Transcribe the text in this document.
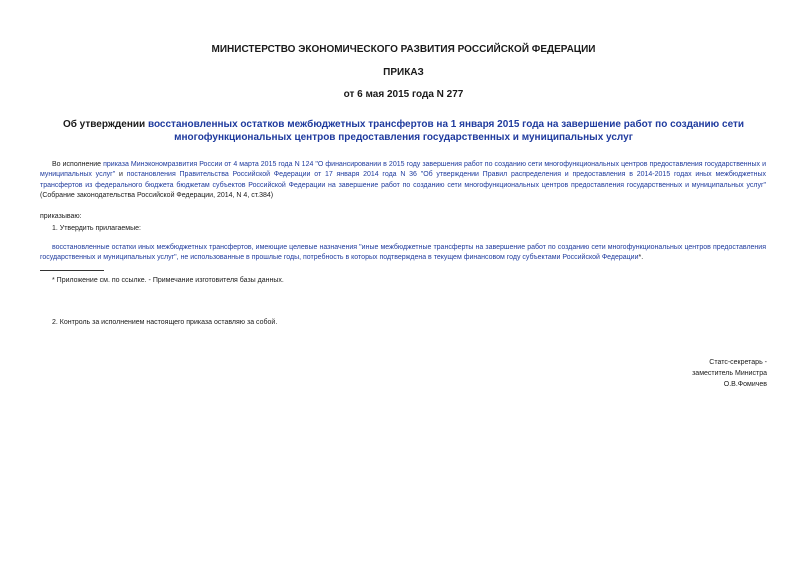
МИНИСТЕРСТВО ЭКОНОМИЧЕСКОГО РАЗВИТИЯ РОССИЙСКОЙ ФЕДЕРАЦИИ
ПРИКАЗ
от 6 мая 2015 года N 277
Об утверждении восстановленных остатков межбюджетных трансфертов на 1 января 2015 года на завершение работ по созданию сети многофункциональных центров предоставления государственных и муниципальных услуг
Во исполнение приказа Минэкономразвития России от 4 марта 2015 года N 124 "О финансировании в 2015 году завершения работ по созданию сети многофункциональных центров предоставления государственных и муниципальных услуг" и постановления Правительства Российской Федерации от 17 января 2014 года N 36 "Об утверждении Правил распределения и предоставления в 2014-2015 годах иных межбюджетных трансфертов из федерального бюджета бюджетам субъектов Российской Федерации на завершение работ по созданию сети многофункциональных центров предоставления государственных и муниципальных услуг" (Собрание законодательства Российской Федерации, 2014, N 4, ст.384)
приказываю:
1. Утвердить прилагаемые:
восстановленные остатки иных межбюджетных трансфертов, имеющие целевые назначения "иные межбюджетные трансферты на завершение работ по созданию сети многофункциональных центров предоставления государственных и муниципальных услуг", не использованные в прошлые годы, потребность в которых подтверждена в текущем финансовом году субъектами Российской Федерации*.
* Приложение см. по ссылке. - Примечание изготовителя базы данных.
2. Контроль за исполнением настоящего приказа оставляю за собой.
Статс-секретарь -
заместитель Министра
О.В.Фомичев
